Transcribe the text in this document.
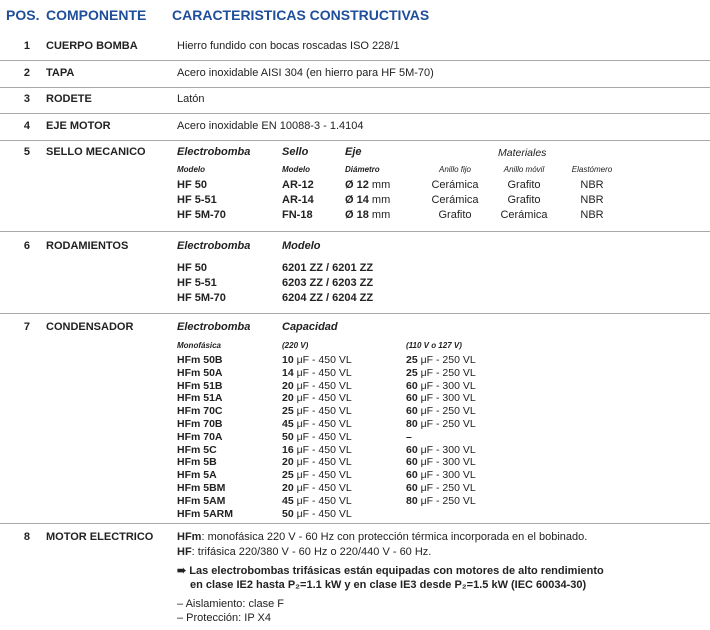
POS. COMPONENTE CARACTERISTICAS CONSTRUCTIVAS
1 CUERPO BOMBA	Hierro fundido con bocas roscadas ISO 228/1
2 TAPA	Acero inoxidable AISI 304 (en hierro para HF 5M-70)
3 RODETE	Latón
4 EJE MOTOR	Acero inoxidable EN 10088-3 - 1.4104
5 SELLO MECANICO	Electrobomba	Sello	Eje	Materiales
Modelo	Modelo	Diámetro	Anillo fijo	Anillo móvil	Elastómero
HF 50	AR-12	Ø 12 mm	Cerámica	Grafito	NBR
HF 5-51	AR-14	Ø 14 mm	Cerámica	Grafito	NBR
HF 5M-70	FN-18	Ø 18 mm	Grafito	Cerámica	NBR
6 RODAMIENTOS	Electrobomba	Modelo
HF 50	6201 ZZ / 6201 ZZ
HF 5-51	6203 ZZ / 6203 ZZ
HF 5M-70	6204 ZZ / 6204 ZZ
7 CONDENSADOR	Electrobomba	Capacidad
Monofásica	(220 V)	(110 V o 127 V)
HFm 50B	10 μF - 450 VL	25 μF - 250 VL
HFm 50A	14 μF - 450 VL	25 μF - 250 VL
HFm 51B	20 μF - 450 VL	60 μF - 300 VL
HFm 51A	20 μF - 450 VL	60 μF - 300 VL
HFm 70C	25 μF - 450 VL	60 μF - 250 VL
HFm 70B	45 μF - 450 VL	80 μF - 250 VL
HFm 70A	50 μF - 450 VL	–
HFm 5C	16 μF - 450 VL	60 μF - 300 VL
HFm 5B	20 μF - 450 VL	60 μF - 300 VL
HFm 5A	25 μF - 450 VL	60 μF - 300 VL
HFm 5BM	20 μF - 450 VL	60 μF - 250 VL
HFm 5AM	45 μF - 450 VL	80 μF - 250 VL
HFm 5ARM	50 μF - 450 VL
8 MOTOR ELECTRICO HFm: monofásica 220 V - 60 Hz con protección térmica incorporada en el bobinado.
HF: trifásica 220/380 V - 60 Hz o 220/440 V - 60 Hz.
➠ Las electrobombas trifásicas están equipadas con motores de alto rendimiento
en clase IE2 hasta P₂=1.1 kW y en clase IE3 desde P₂=1.5 kW (IEC 60034-30)
– Aislamiento: clase F
– Protección: IP X4
